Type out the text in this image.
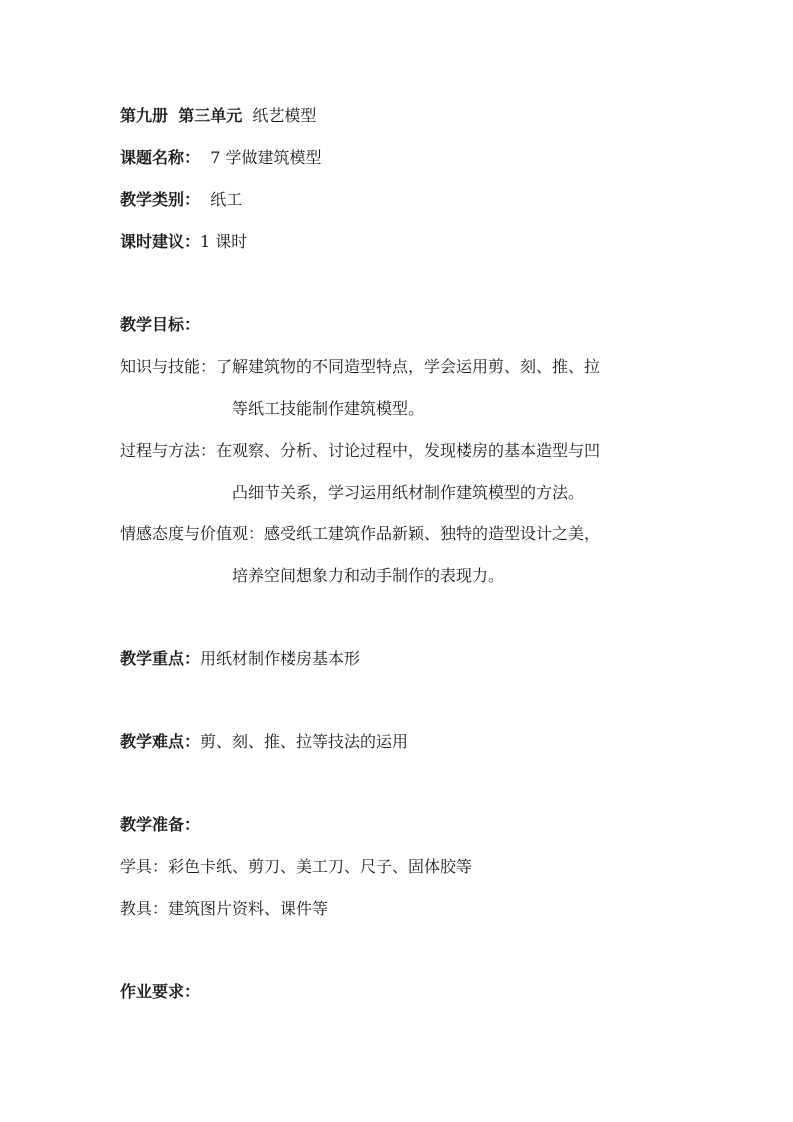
第九册 第三单元 纸艺模型
课题名称： 7 学做建筑模型
教学类别： 纸工
课时建议：1 课时
教学目标：
知识与技能：了解建筑物的不同造型特点，学会运用剪、刻、推、拉
等纸工技能制作建筑模型。
过程与方法：在观察、分析、讨论过程中，发现楼房的基本造型与凹
凸细节关系，学习运用纸材制作建筑模型的方法。
情感态度与价值观：感受纸工建筑作品新颖、独特的造型设计之美，
培养空间想象力和动手制作的表现力。
教学重点：用纸材制作楼房基本形
教学难点：剪、刻、推、拉等技法的运用
教学准备：
学具：彩色卡纸、剪刀、美工刀、尺子、固体胶等
教具：建筑图片资料、课件等
作业要求：
